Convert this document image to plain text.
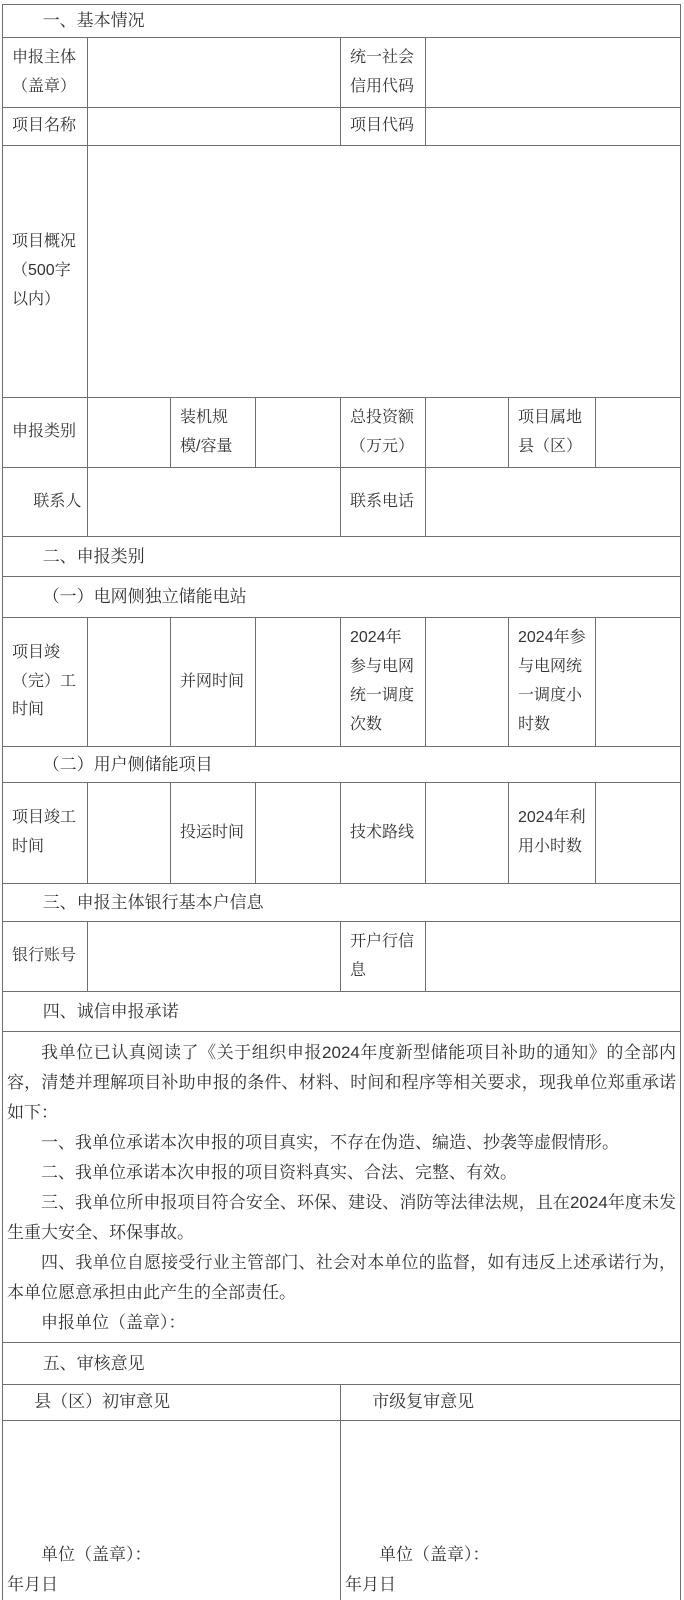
一、基本情况							
申报主体（盖章）				统一社会信用代码			
项目名称				项目代码			
项目概况（500字以内）							
申报类别		装机规模/容量		总投资额（万元）		项目属地县（区）	
联系人				联系电话			
二、申报类别							
（一）电网侧独立储能电站							
项目竣（完）工时间		并网时间		2024年参与电网统一调度次数		2024年参与电网统一调度小时数	
（二）用户侧储能项目							
项目竣工时间		投运时间		技术路线		2024年利用小时数	
三、申报主体银行基本户信息							
银行账号				开户行信息			
四、诚信申报承诺							

我单位已认真阅读了《关于组织申报2024年度新型储能项目补助的通知》的全部内容，清楚并理解项目补助申报的条件、材料、时间和程序等相关要求，现我单位郑重承诺如下：

一、我单位承诺本次申报的项目真实，不存在伪造、编造、抄袭等虚假情形。

二、我单位承诺本次申报的项目资料真实、合法、完整、有效。

三、我单位所申报项目符合安全、环保、建设、消防等法律法规，且在2024年度未发生重大安全、环保事故。

四、我单位自愿接受行业主管部门、社会对本单位的监督，如有违反上述承诺行为，本单位愿意承担由此产生的全部责任。

申报单位（盖章）：

五、审核意见							
县（区）初审意见				市级复审意见			

单位（盖章）：

年月日

单位（盖章）：

年月日
